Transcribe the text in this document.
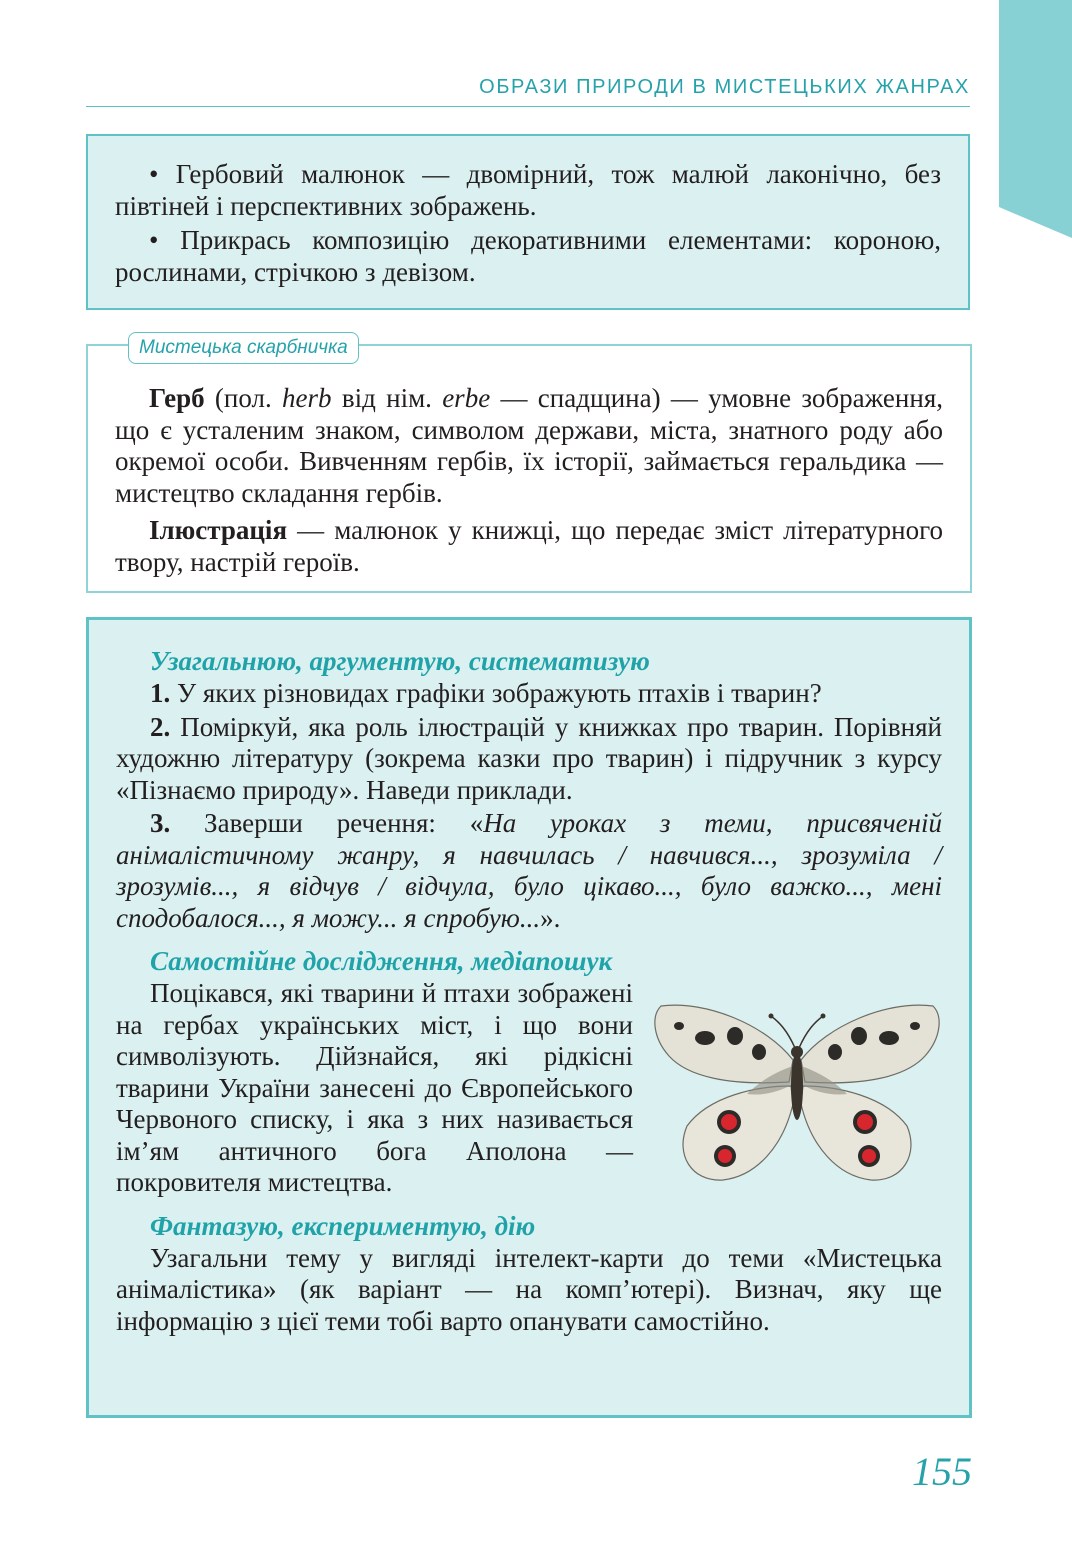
ОБРАЗИ ПРИРОДИ В МИСТЕЦЬКИХ ЖАНРАХ

• Гербовий малюнок — двомірний, тож малюй лаконічно, без півтіней і перспективних зображень.

• Прикрась композицію декоративними елементами: короною, рослинами, стрічкою з девізом.

Герб (пол. herb від нім. erbe — спадщина) — умовне зображення, що є усталеним знаком, символом держави, міста, знатного роду або окремої особи. Вивченням гербів, їх історії, займається геральдика — мистецтво складання гербів.

Ілюстрація — малюнок у книжці, що передає зміст літературного твору, настрій героїв.

Мистецька скарбничка

Узагальнюю, аргументую, систематизую

1. У яких різновидах графіки зображують птахів і тварин?

2. Поміркуй, яка роль ілюстрацій у книжках про тварин. Порівняй художню літературу (зокрема казки про тварин) і підручник з курсу «Пізнаємо природу». Наведи приклади.

3. Заверши речення: «На уроках з теми, присвяченій анімалістичному жанру, я навчилась / навчився..., зрозуміла / зрозумів..., я відчув / відчула, було цікаво..., було важко..., мені сподобалося..., я можу... я спробую...».

Самостійне дослідження, медіапошук

Поцікався, які тварини й птахи зображені на гербах українських міст, і що вони символізують. Дійзнайся, які рідкісні тварини України занесені до Європейського Червоного списку, і яка з них називається ім’ям античного бога Аполона — покровителя мистецтва.

Фантазую, експериментую, дію

Узагальни тему у вигляді інтелект-карти до теми «Мистецька анімалістика» (як варіант — на комп’ютері). Визнач, яку ще інформацію з цієї теми тобі варто опанувати самостійно.

155
